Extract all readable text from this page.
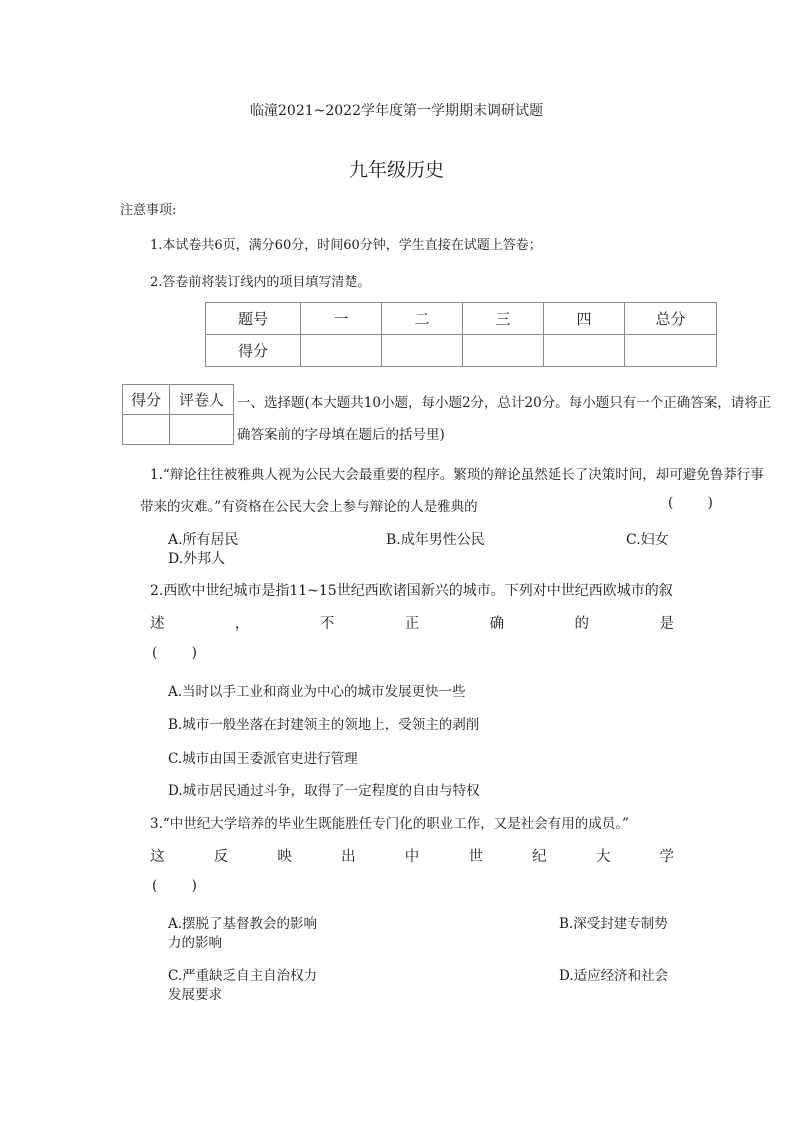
临潼2021~2022学年度第一学期期末调研试题
九年级历史
注意事项:
1.本试卷共6页，满分60分，时间60分钟，学生直接在试题上答卷；
2.答卷前将装订线内的项目填写清楚。
题号	一	二	三	四	总分
得分					
得分	评卷人
	一、选择题(本大题共10小题，每小题2分，总计20分。每小题只有一个正确答案，请将正
确答案前的字母填在题后的括号里)
1.“辩论往往被雅典人视为公民大会最重要的程序。繁琐的辩论虽然延长了决策时间，却可避免鲁莽行事
带来的灾难。”有资格在公民大会上参与辩论的人是雅典的	(        )
A.所有居民	B.成年男性公民	C.妇女
D.外邦人
2.西欧中世纪城市是指11~15世纪西欧诸国新兴的城市。下列对中世纪西欧城市的叙
述	，	不	正	确	的	是
(        )
A.当时以手工业和商业为中心的城市发展更快一些
B.城市一般坐落在封建领主的领地上，受领主的剥削
C.城市由国王委派官吏进行管理
D.城市居民通过斗争，取得了一定程度的自由与特权
3.“中世纪大学培养的毕业生既能胜任专门化的职业工作，又是社会有用的成员。”
这	反	映	出	中	世	纪	大	学
(        )
A.摆脱了基督教会的影响	B.深受封建专制势
力的影响
C.严重缺乏自主自治权力	D.适应经济和社会
发展要求
